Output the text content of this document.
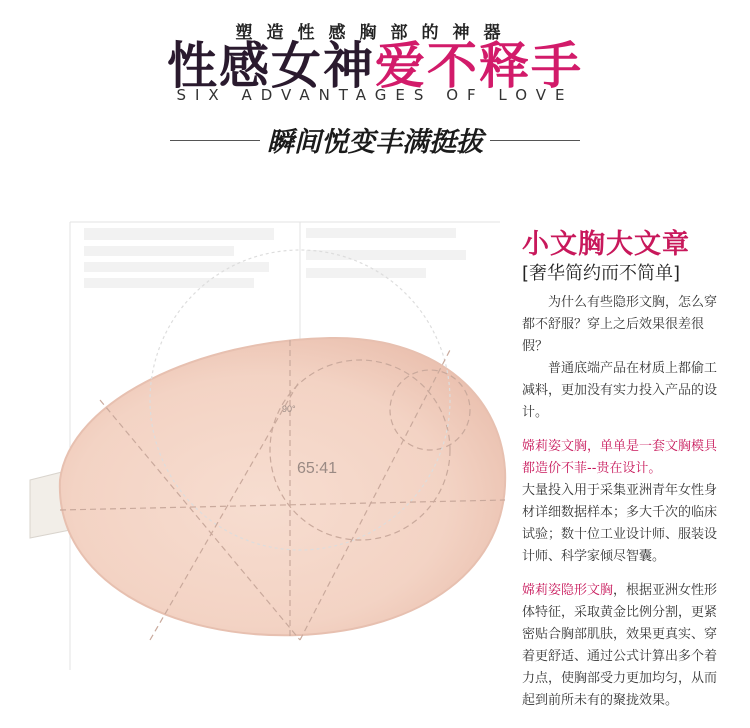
塑造性感胸部的神器
性感女神爱不释手
SIX ADVANTAGES OF LOVE
瞬间悦变丰满挺拔
65:41
90°

小文胸大文章

[奢华简约而不简单]

为什么有些隐形文胸，怎么穿都不舒服？穿上之后效果很差很假？

普通底端产品在材质上都偷工减料，更加没有实力投入产品的设计。

嫦莉姿文胸，单单是一套文胸模具都造价不菲--贵在设计。

大量投入用于采集亚洲青年女性身材详细数据样本；多大千次的临床试验；数十位工业设计师、服装设计师、科学家倾尽智囊。

嫦莉姿隐形文胸，根据亚洲女性形体特征，采取黄金比例分割，更紧密贴合胸部肌肤，效果更真实、穿着更舒适、通过公式计算出多个着力点，使胸部受力更加均匀，从而起到前所未有的聚拢效果。
